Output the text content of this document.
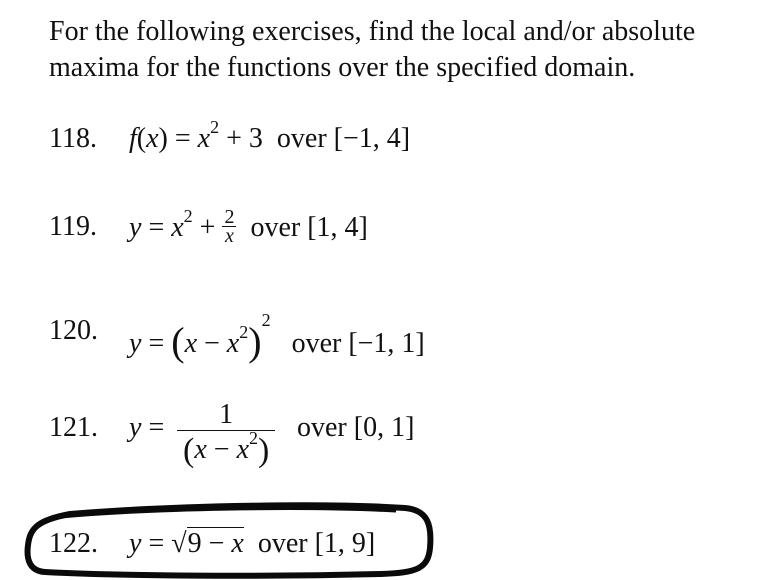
For the following exercises, find the local and/or absolute
maxima for the functions over the specified domain.
118. $f(x) = x^2 + 3$  over [−1, 4]
119. $y = x^2 + \frac{2}{x}$ over [1, 4]
120. $y = (x - x^2)^2$   over [−1, 1]
121. $y = \frac{1}{(x - x^2)}$ over [0, 1]
122. y = √9 − x over [1, 9]
